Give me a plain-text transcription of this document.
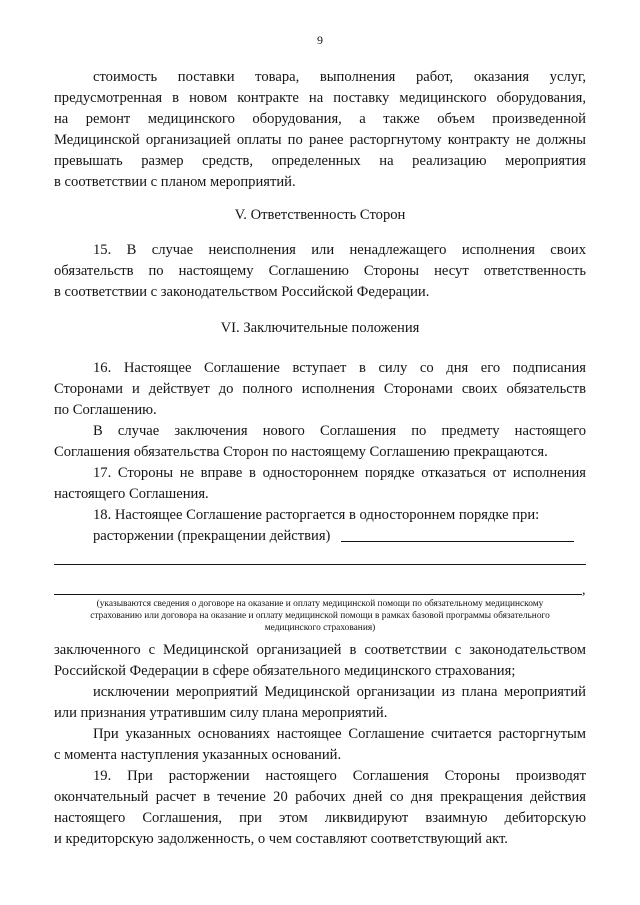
9
стоимость поставки товара, выполнения работ, оказания услуг,
предусмотренная в новом контракте на поставку медицинского оборудования,
на ремонт медицинского оборудования, а также объем произведенной
Медицинской организацией оплаты по ранее расторгнутому контракту не должны
превышать размер средств, определенных на реализацию мероприятия
в соответствии с планом мероприятий.
V. Ответственность Сторон
15. В случае неисполнения или ненадлежащего исполнения своих
обязательств по настоящему Соглашению Стороны несут ответственность
в соответствии с законодательством Российской Федерации.
VI. Заключительные положения
16. Настоящее Соглашение вступает в силу со дня его подписания
Сторонами и действует до полного исполнения Сторонами своих обязательств
по Соглашению.
В случае заключения нового Соглашения по предмету настоящего
Соглашения обязательства Сторон по настоящему Соглашению прекращаются.
17. Стороны не вправе в одностороннем порядке отказаться от исполнения
настоящего Соглашения.
18. Настоящее Соглашение расторгается в одностороннем порядке при:
расторжении (прекращении действия)
,
(указываются сведения о договоре на оказание и оплату медицинской помощи по обязательному медицинскому
страхованию или договора на оказание и оплату медицинской помощи в рамках базовой программы обязательного
медицинского страхования)
заключенного с Медицинской организацией в соответствии с законодательством
Российской Федерации в сфере обязательного медицинского страхования;
исключении мероприятий Медицинской организации из плана мероприятий
или признания утратившим силу плана мероприятий.
При указанных основаниях настоящее Соглашение считается расторгнутым
с момента наступления указанных оснований.
19. При расторжении настоящего Соглашения Стороны производят
окончательный расчет в течение 20 рабочих дней со дня прекращения действия
настоящего Соглашения, при этом ликвидируют взаимную дебиторскую
и кредиторскую задолженность, о чем составляют соответствующий акт.
